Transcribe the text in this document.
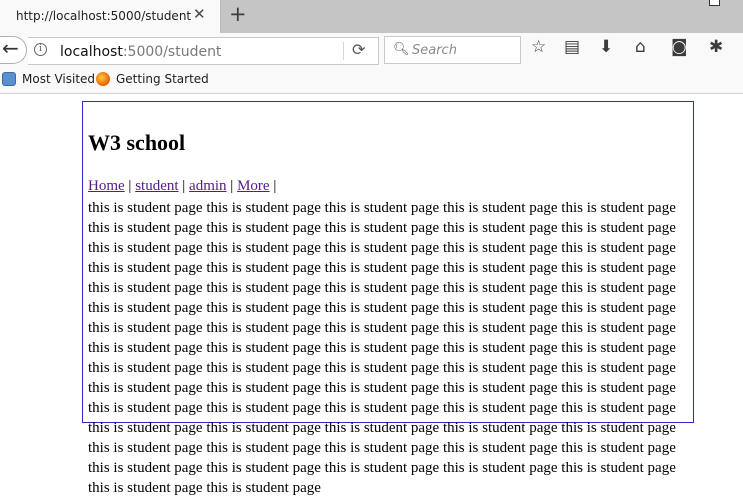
http://localhost:5000/student ✕ +
←	i	localhost:5000/student	⟳ 🔍︎ Search	☆ ▤ ⬇ ⌂ ◙ ✱
Most Visited	Getting Started
W3 school
Home | student | admin | More |

this is student page this is student page this is student page this is student page this is student page this is student page this is student page this is student page this is student page this is student page this is student page this is student page this is student page this is student page this is student page this is student page this is student page this is student page this is student page this is student page this is student page this is student page this is student page this is student page this is student page this is student page this is student page this is student page this is student page this is student page this is student page this is student page this is student page this is student page this is student page this is student page this is student page this is student page this is student page this is student page this is student page this is student page this is student page this is student page this is student page this is student page this is student page this is student page this is student page this is student page this is student page this is student page this is student page this is student page this is student page this is student page this is student page this is student page this is student page this is student page this is student page this is student page this is student page this is student page this is student page this is student page this is student page this is student page this is student page this is student page this is student page this is student page
